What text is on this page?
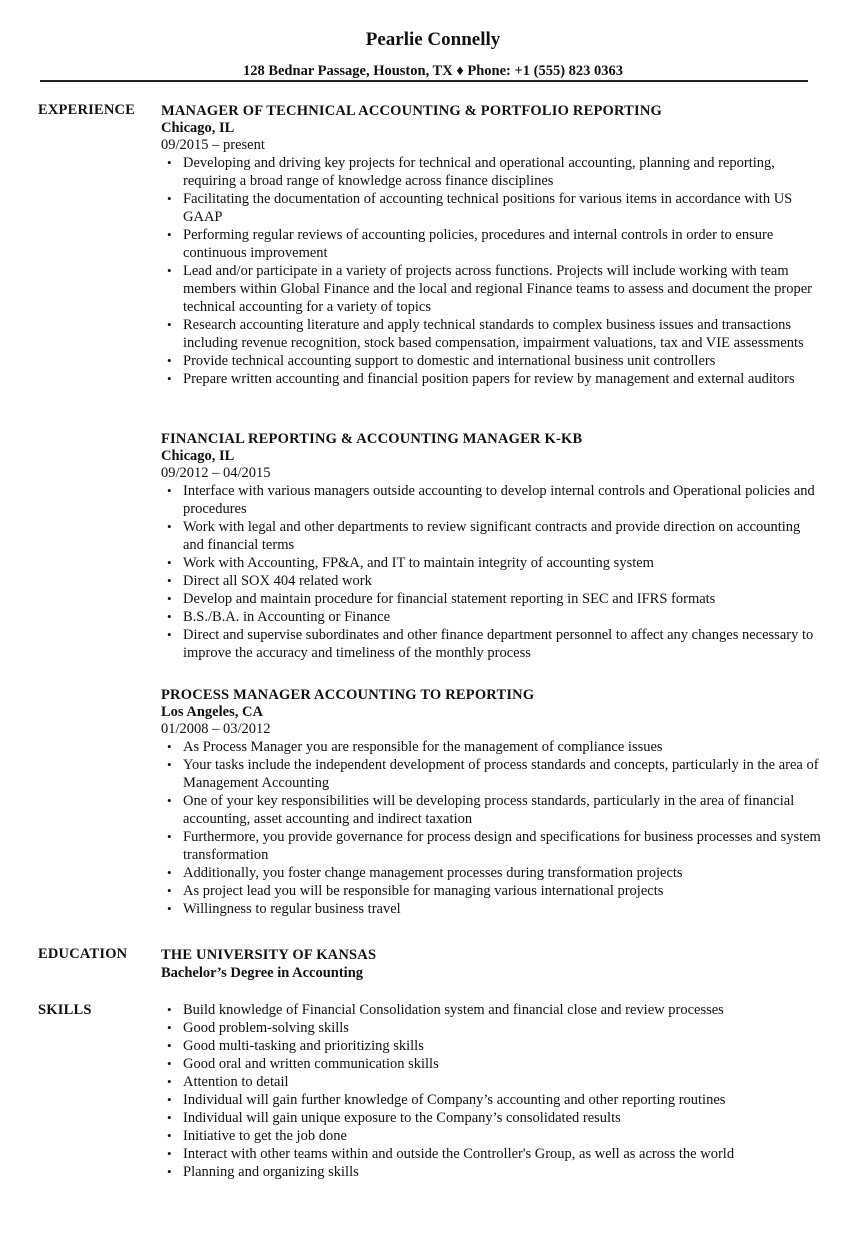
Pearlie Connelly
128 Bednar Passage, Houston, TX ♦ Phone: +1 (555) 823 0363
EXPERIENCE MANAGER OF TECHNICAL ACCOUNTING & PORTFOLIO REPORTING
Chicago, IL
09/2015 – present
• Developing and driving key projects for technical and operational accounting, planning and reporting, requiring a broad range of knowledge across finance disciplines
• Facilitating the documentation of accounting technical positions for various items in accordance with US GAAP
• Performing regular reviews of accounting policies, procedures and internal controls in order to ensure continuous improvement
• Lead and/or participate in a variety of projects across functions. Projects will include working with team members within Global Finance and the local and regional Finance teams to assess and document the proper technical accounting for a variety of topics
• Research accounting literature and apply technical standards to complex business issues and transactions including revenue recognition, stock based compensation, impairment valuations, tax and VIE assessments
• Provide technical accounting support to domestic and international business unit controllers
• Prepare written accounting and financial position papers for review by management and external auditors
FINANCIAL REPORTING & ACCOUNTING MANAGER K-KB
Chicago, IL
09/2012 – 04/2015
• Interface with various managers outside accounting to develop internal controls and Operational policies and procedures
• Work with legal and other departments to review significant contracts and provide direction on accounting and financial terms
• Work with Accounting, FP&A, and IT to maintain integrity of accounting system
• Direct all SOX 404 related work
• Develop and maintain procedure for financial statement reporting in SEC and IFRS formats
• B.S./B.A. in Accounting or Finance
• Direct and supervise subordinates and other finance department personnel to affect any changes necessary to improve the accuracy and timeliness of the monthly process
PROCESS MANAGER ACCOUNTING TO REPORTING
Los Angeles, CA
01/2008 – 03/2012
• As Process Manager you are responsible for the management of compliance issues
• Your tasks include the independent development of process standards and concepts, particularly in the area of Management Accounting
• One of your key responsibilities will be developing process standards, particularly in the area of financial accounting, asset accounting and indirect taxation
• Furthermore, you provide governance for process design and specifications for business processes and system transformation
• Additionally, you foster change management processes during transformation projects
• As project lead you will be responsible for managing various international projects
• Willingness to regular business travel
EDUCATION THE UNIVERSITY OF KANSAS
Bachelor’s Degree in Accounting
SKILLS
•	Build knowledge of Financial Consolidation system and financial close and review processes
• Good problem-solving skills
• Good multi-tasking and prioritizing skills
• Good oral and written communication skills
• Attention to detail
• Individual will gain further knowledge of Company’s accounting and other reporting routines
• Individual will gain unique exposure to the Company’s consolidated results
• Initiative to get the job done
• Interact with other teams within and outside the Controller's Group, as well as across the world
• Planning and organizing skills
